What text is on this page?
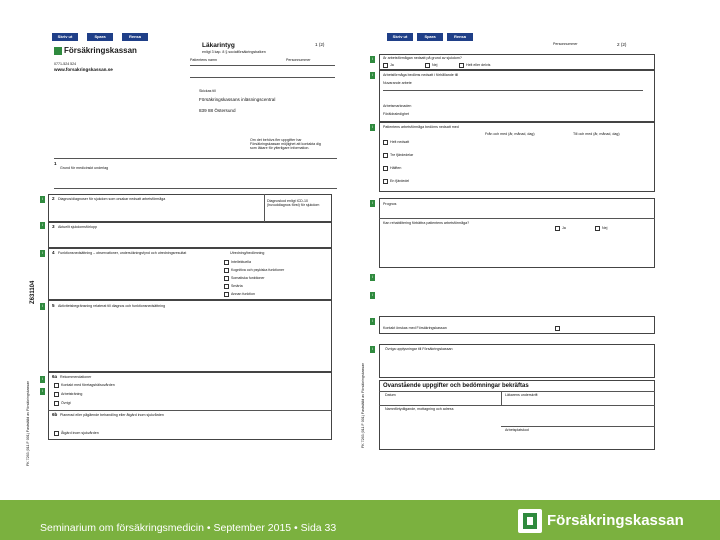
Skriv ut	Spara	Rensa
Försäkringskassan
0771-524 524
www.forsakringskassan.se
Läkarintyg
enligt 3 kap. 8 § socialförsäkringsbalken
1 (2)
Patientens namn	Personnummer
Skickas till
Försäkringskassans inläsningscentral
839 88 Östersund
Om det behövs fler uppgifter har Försäkringskassan möjlighet att kontakta dig som läkare för ytterligare information.
1
Grund för medicinskt underlag
i
i
i
i
i
i
2 Diagnos/diagnoser för sjukdom som orsakar nedsatt arbetsförmåga	Diagnoskod enligt ICD-10 (huvuddiagnos först) för sjukdom
3 Aktuellt sjukdomsförlopp
4 Funktionsnedsättning – observationer, undersökningsfynd och utredningsresultat	Utredning/bedömning
Intellektuella
Kognitiva och psykiska funktioner
Somatiska funktioner
Smärta
Annan funktion
Z631104
5 Aktivitetsbegränsning relaterat till diagnos och funktionsnedsättning
6a Rekommendationer
Kontakt med företagshälsovården
Arbetsträning
Övrigt
6b Planerad eller pågående behandling eller åtgärd inom sjukvården
Åtgärd inom sjukvården
FK 7263 (011 F 001) Fastställd av Försäkringskassan
Skriv ut	Spara	Rensa
Personnummer	2 (2)
i
i
i
i
i
i
i
i
Är arbetsförmågan nedsatt på grund av sjukdom?
Ja	Nej	Helt eller delvis
Arbetsförmåga bedöms nedsatt i förhållande till
Nuvarande arbete
Arbetsmarknaden
Föräldraledighet
Patientens arbetsförmåga bedöms nedsatt med
Från och med (år, månad, dag)	Till och med (år, månad, dag)
Helt nedsatt
Tre fjärdedelar
Hälften
En fjärdedel
Prognos
Kan rehabilitering förbättra patientens arbetsförmåga?
Ja	Nej
Kontakt önskas med Försäkringskassan
Övriga upplysningar till Försäkringskassan
Ovanstående uppgifter och bedömningar bekräftas
Datum	Läkarens underskrift
Namnförtydligande, mottagning och adress
Arbetsplatskod
FK 7263 (011 F 001) Fastställd av Försäkringskassan
Seminarium om försäkringsmedicin • September 2015 • Sida 33	Försäkringskassan
